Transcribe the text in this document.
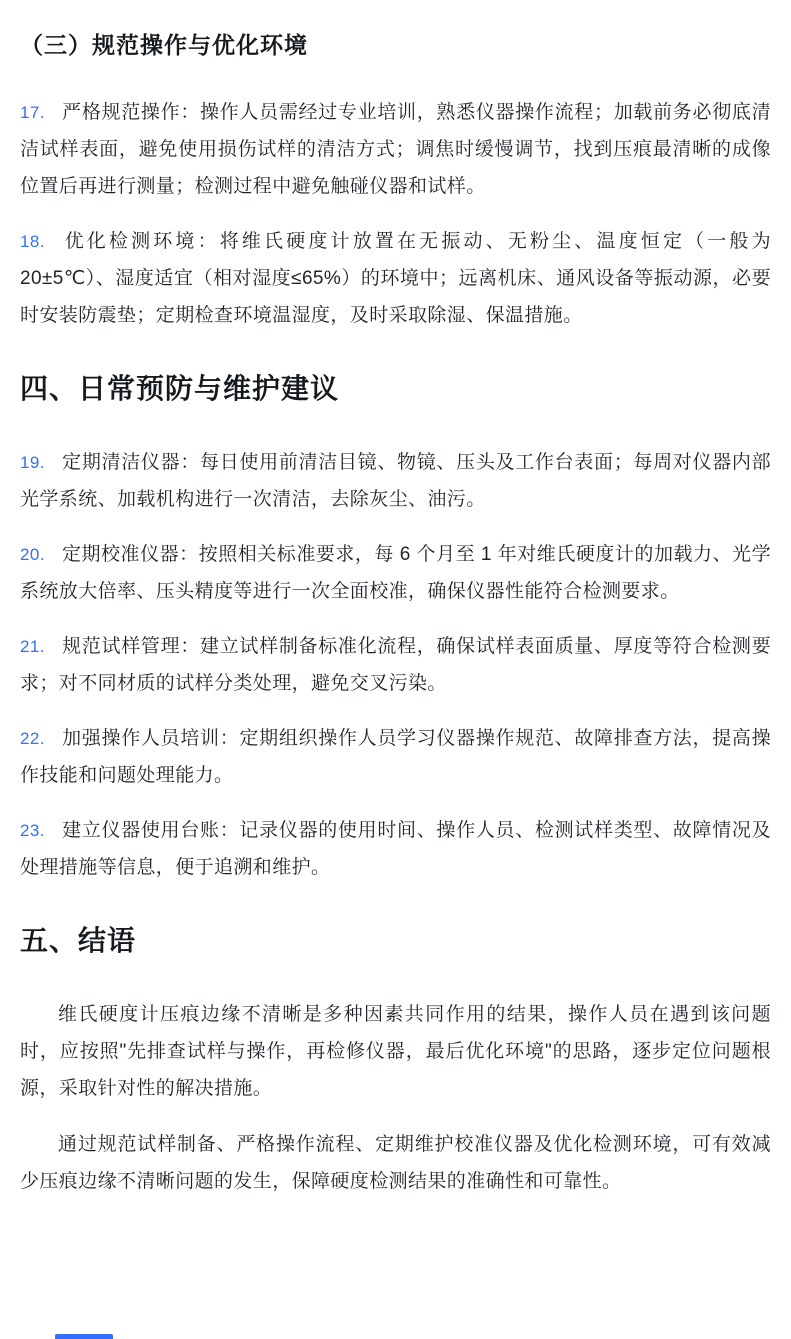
（三）规范操作与优化环境

17. 严格规范操作：操作人员需经过专业培训，熟悉仪器操作流程；加载前务必彻底清洁试样表面，避免使用损伤试样的清洁方式；调焦时缓慢调节，找到压痕最清晰的成像位置后再进行测量；检测过程中避免触碰仪器和试样。

18. 优化检测环境：将维氏硬度计放置在无振动、无粉尘、温度恒定（一般为 20±5℃）、湿度适宜（相对湿度≤65%）的环境中；远离机床、通风设备等振动源，必要时安装防震垫；定期检查环境温湿度，及时采取除湿、保温措施。

四、日常预防与维护建议

19. 定期清洁仪器：每日使用前清洁目镜、物镜、压头及工作台表面；每周对仪器内部光学系统、加载机构进行一次清洁，去除灰尘、油污。

20. 定期校准仪器：按照相关标准要求，每 6 个月至 1 年对维氏硬度计的加载力、光学系统放大倍率、压头精度等进行一次全面校准，确保仪器性能符合检测要求。

21. 规范试样管理：建立试样制备标准化流程，确保试样表面质量、厚度等符合检测要求；对不同材质的试样分类处理，避免交叉污染。

22. 加强操作人员培训：定期组织操作人员学习仪器操作规范、故障排查方法，提高操作技能和问题处理能力。

23. 建立仪器使用台账：记录仪器的使用时间、操作人员、检测试样类型、故障情况及处理措施等信息，便于追溯和维护。

五、结语

维氏硬度计压痕边缘不清晰是多种因素共同作用的结果，操作人员在遇到该问题时，应按照"先排查试样与操作，再检修仪器，最后优化环境"的思路，逐步定位问题根源，采取针对性的解决措施。

通过规范试样制备、严格操作流程、定期维护校准仪器及优化检测环境，可有效减少压痕边缘不清晰问题的发生，保障硬度检测结果的准确性和可靠性。
